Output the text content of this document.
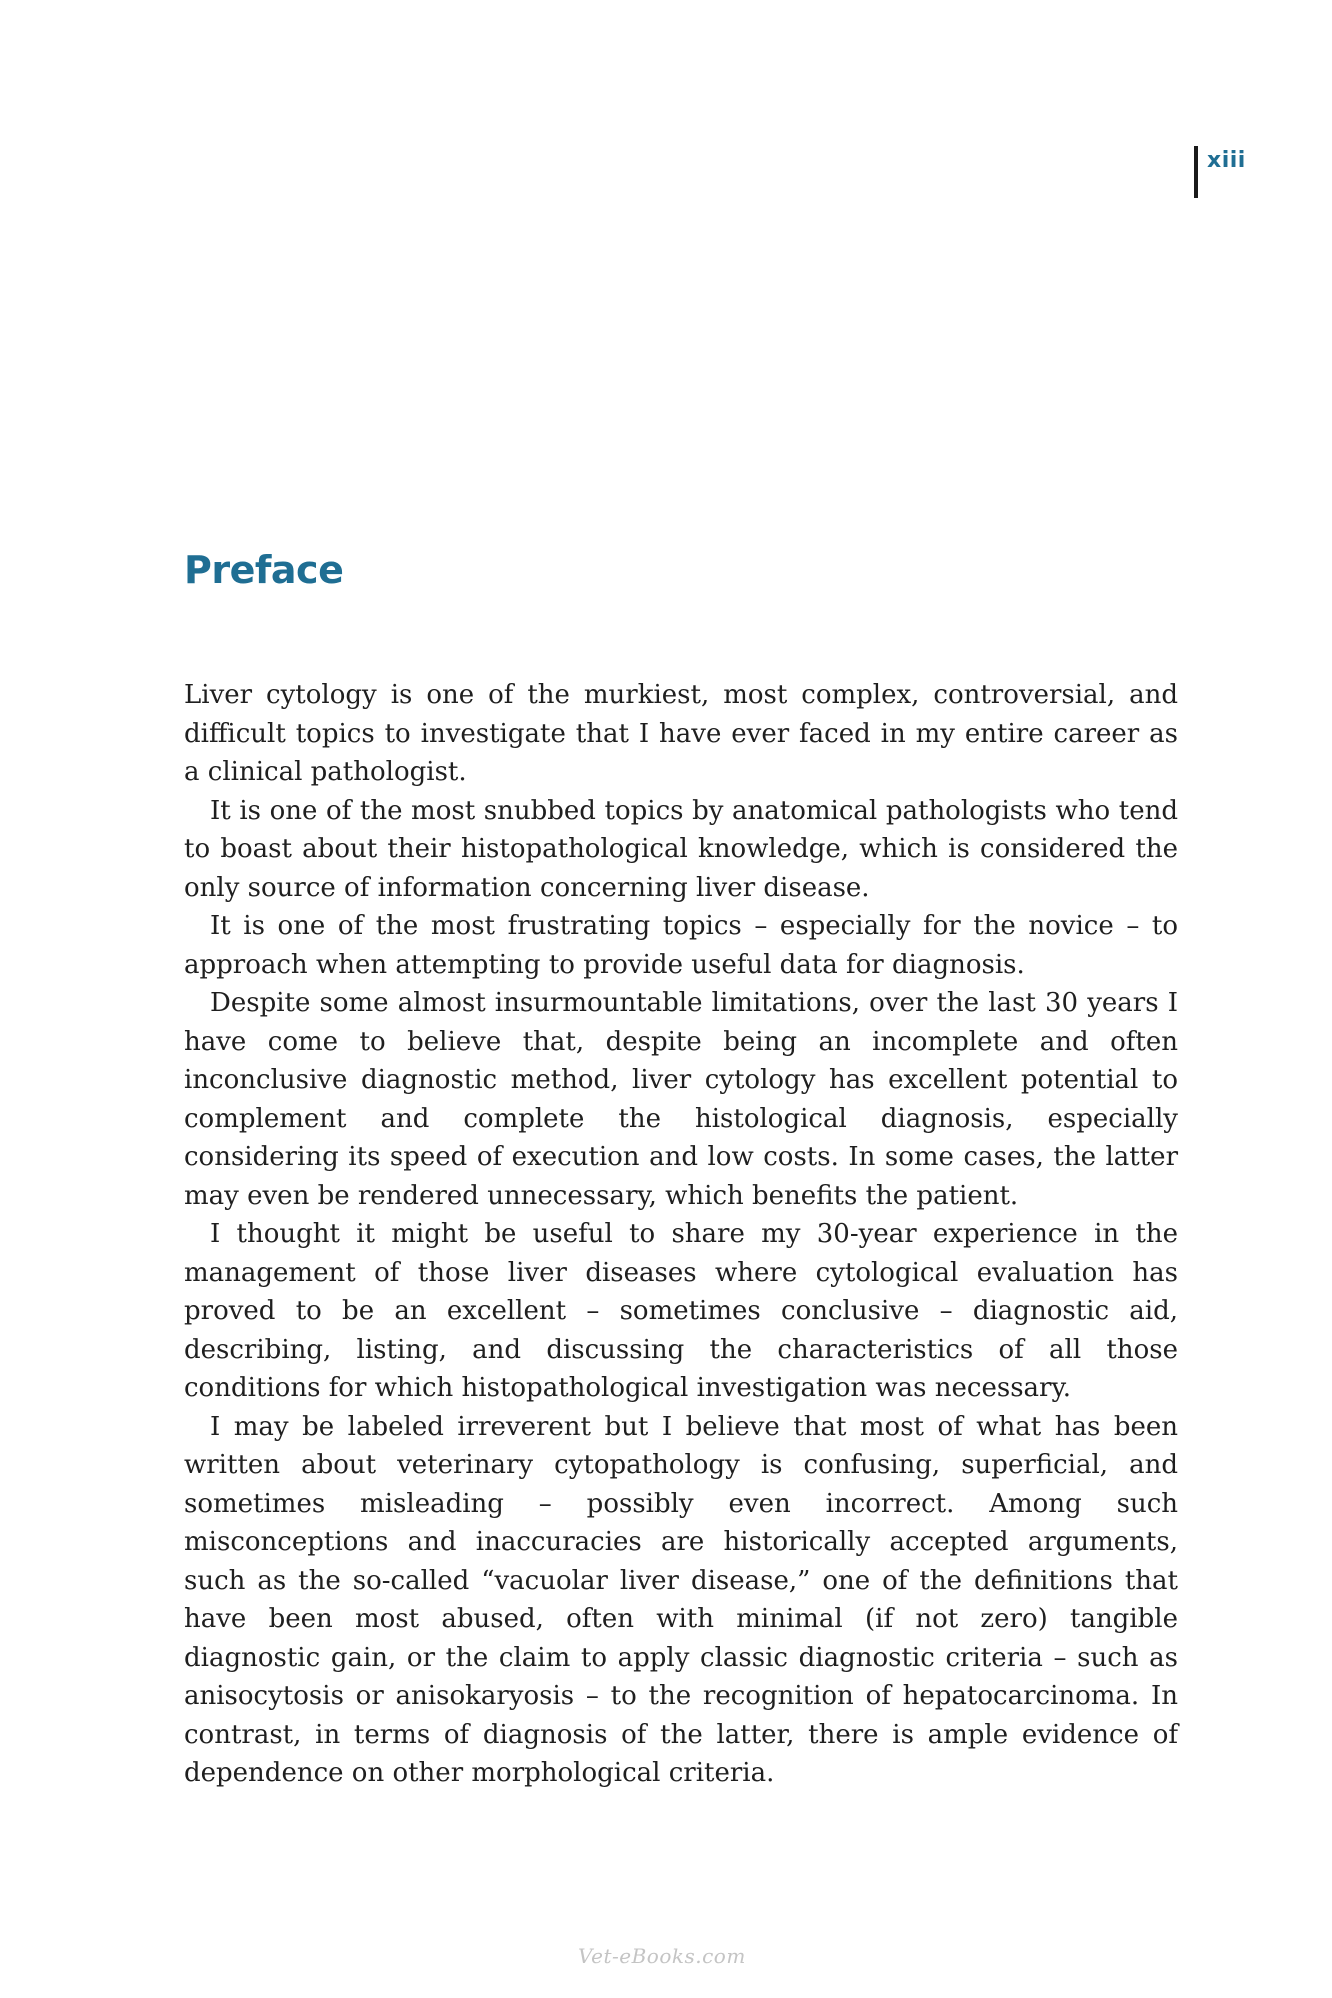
xiii
Preface

Liver cytology is one of the murkiest, most complex, controversial, and difficult topics to investigate that I have ever faced in my entire career as a clinical pathologist.

It is one of the most snubbed topics by anatomical pathologists who tend to boast about their histopathological knowledge, which is considered the only source of information concerning liver disease.

It is one of the most frustrating topics – especially for the novice – to approach when attempting to provide useful data for diagnosis.

Despite some almost insurmountable limitations, over the last 30 years I have come to believe that, despite being an incomplete and often inconclusive diagnostic method, liver cytology has excellent potential to complement and complete the histological diagnosis, especially considering its speed of execution and low costs. In some cases, the latter may even be rendered unnecessary, which benefits the patient.

I thought it might be useful to share my 30-year experience in the management of those liver diseases where cytological evaluation has proved to be an excellent – sometimes conclusive – diagnostic aid, describing, listing, and discussing the characteristics of all those conditions for which histopathological investigation was necessary.

I may be labeled irreverent but I believe that most of what has been written about veterinary cytopathology is confusing, superficial, and sometimes misleading – possibly even incorrect. Among such misconceptions and inaccuracies are historically accepted arguments, such as the so-called “vacuolar liver disease,” one of the definitions that have been most abused, often with minimal (if not zero) tangible diagnostic gain, or the claim to apply classic diagnostic criteria – such as anisocytosis or anisokaryosis – to the recognition of hepatocarcinoma. In contrast, in terms of diagnosis of the latter, there is ample evidence of dependence on other morphological criteria.

Vet-eBooks.com
